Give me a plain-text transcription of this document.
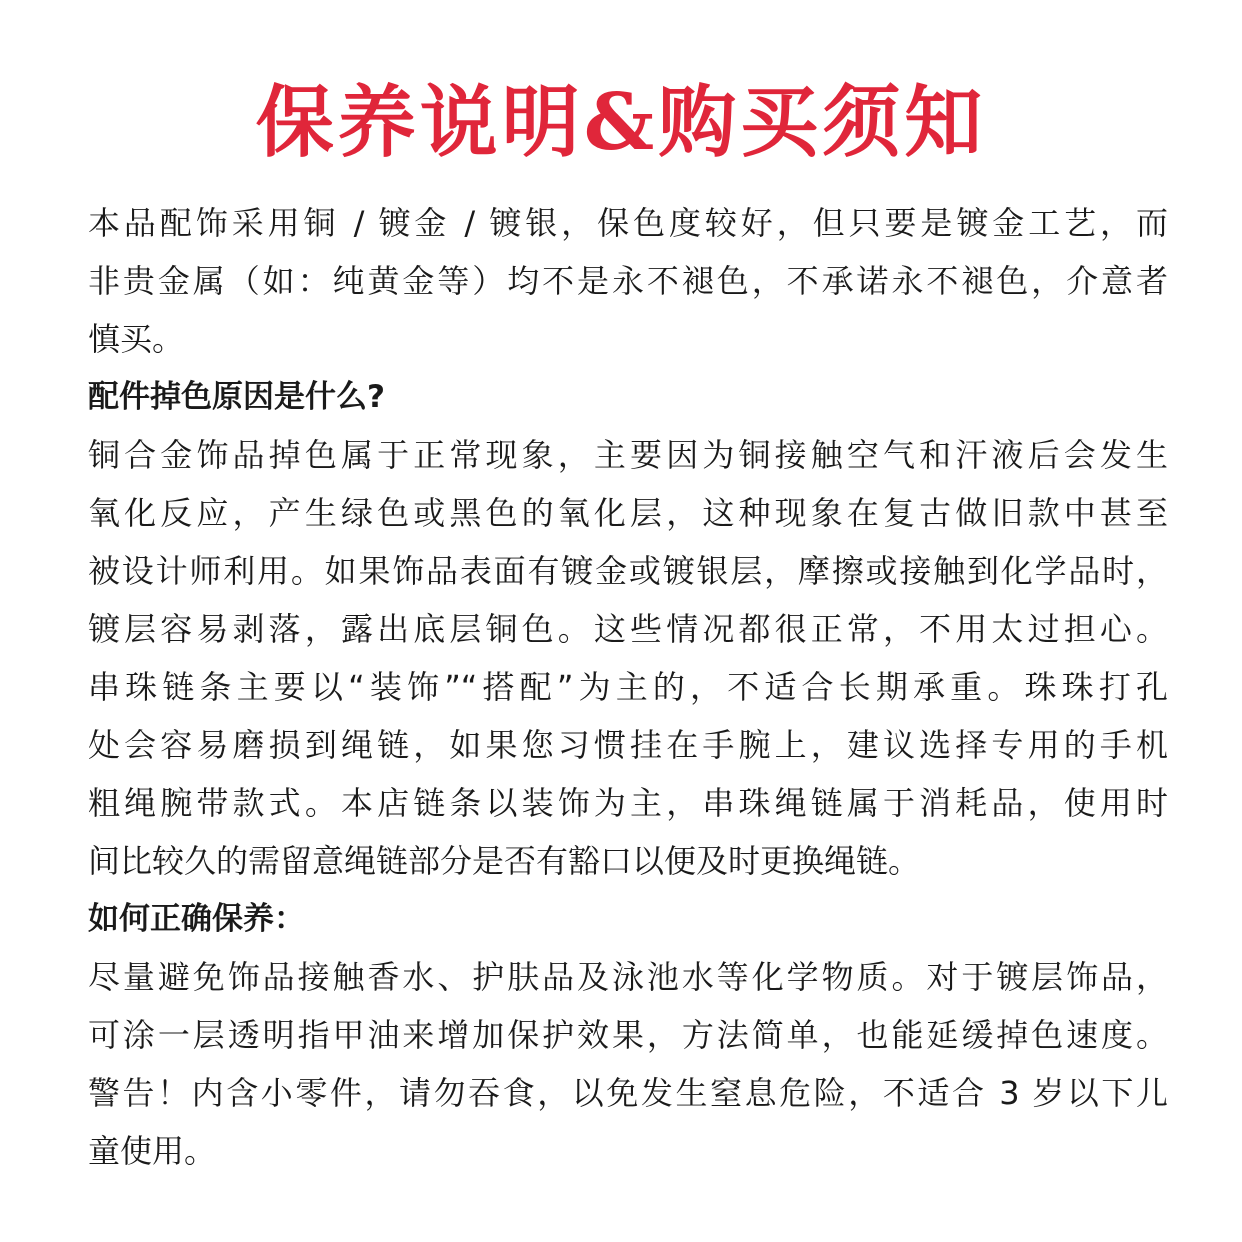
保养说明&购买须知

本品配饰采用铜 / 镀金 / 镀银，保色度较好，但只要是镀金工艺，而
非贵金属（如：纯黄金等）均不是永不褪色，不承诺永不褪色，介意者
慎买。

配件掉色原因是什么?

铜合金饰品掉色属于正常现象，主要因为铜接触空气和汗液后会发生
氧化反应，产生绿色或黑色的氧化层，这种现象在复古做旧款中甚至
被设计师利用。如果饰品表面有镀金或镀银层，摩擦或接触到化学品时，
镀层容易剥落，露出底层铜色。这些情况都很正常，不用太过担心。
串珠链条主要以“装饰”“搭配”为主的，不适合长期承重。珠珠打孔
处会容易磨损到绳链，如果您习惯挂在手腕上，建议选择专用的手机
粗绳腕带款式。本店链条以装饰为主，串珠绳链属于消耗品，使用时
间比较久的需留意绳链部分是否有豁口以便及时更换绳链。

如何正确保养：

尽量避免饰品接触香水、护肤品及泳池水等化学物质。对于镀层饰品，
可涂一层透明指甲油来增加保护效果，方法简单，也能延缓掉色速度。
警告！内含小零件，请勿吞食，以免发生窒息危险，不适合 3 岁以下儿
童使用。
